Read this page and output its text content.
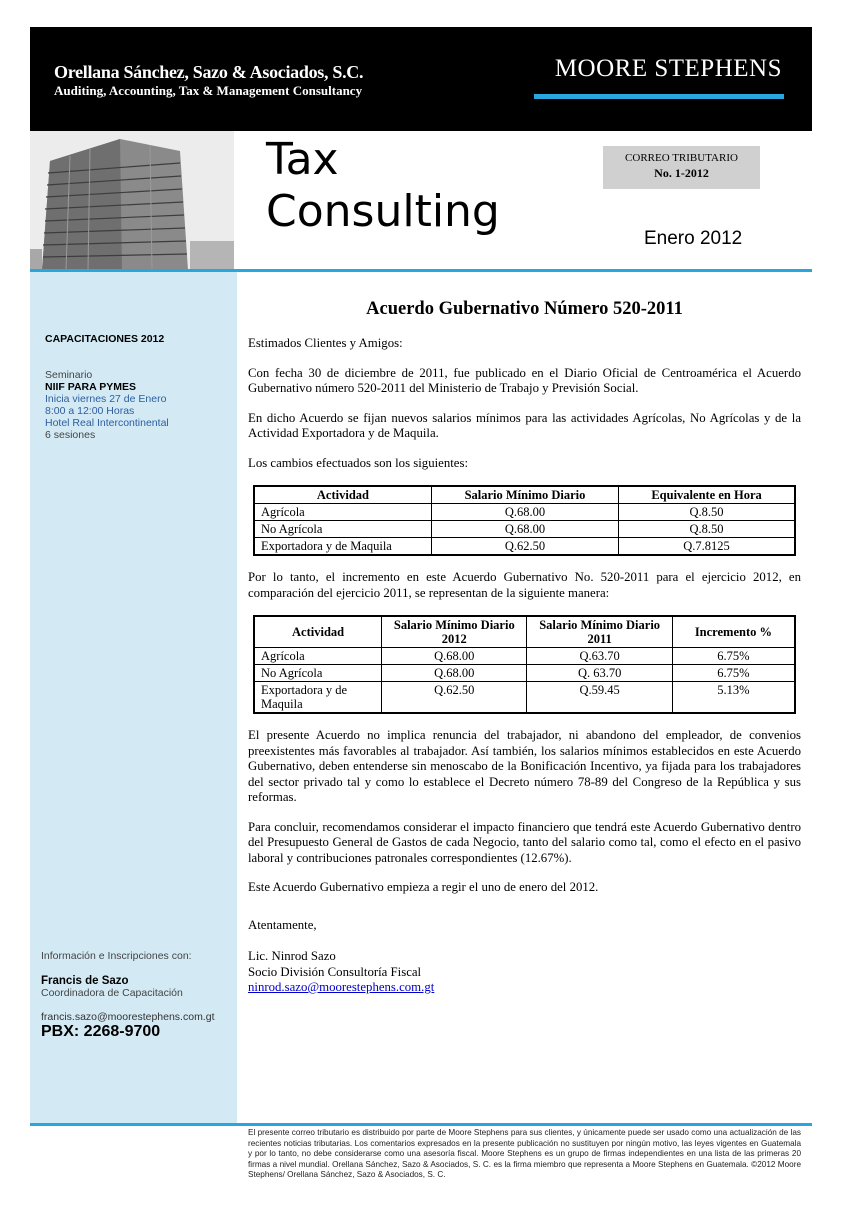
Orellana Sánchez, Sazo & Asociados, S.C.
Auditing, Accounting, Tax & Management Consultancy
MOORE STEPHENS
Tax
Consulting
CORREO TRIBUTARIO
No. 1-2012
Enero 2012
CAPACITACIONES 2012
Seminario
NIIF PARA PYMES
Inicia viernes 27 de Enero
8:00 a 12:00 Horas
Hotel Real Intercontinental
6 sesiones
Información e Inscripciones con:
Francis de Sazo
Coordinadora de Capacitación
francis.sazo@moorestephens.com.gt
PBX: 2268-9700
Acuerdo Gubernativo Número 520-2011

Estimados Clientes y Amigos:

Con fecha 30 de diciembre de 2011, fue publicado en el Diario Oficial de Centroamérica el Acuerdo Gubernativo número 520-2011 del Ministerio de Trabajo y Previsión Social.

En dicho Acuerdo se fijan nuevos salarios mínimos para las actividades Agrícolas, No Agrícolas y de la Actividad Exportadora y de Maquila.

Los cambios efectuados son los siguientes:

Actividad	Salario Mínimo Diario	Equivalente en Hora
Agrícola	Q.68.00	Q.8.50
No Agrícola	Q.68.00	Q.8.50
Exportadora y de Maquila	Q.62.50	Q.7.8125

Por lo tanto, el incremento en este Acuerdo Gubernativo No. 520-2011 para el ejercicio 2012, en comparación del ejercicio 2011, se representan de la siguiente manera:

Actividad	Salario Mínimo Diario 2012	Salario Mínimo Diario 2011	Incremento %
Agrícola	Q.68.00	Q.63.70	6.75%
No Agrícola	Q.68.00	Q. 63.70	6.75%
Exportadora y de Maquila	Q.62.50	Q.59.45	5.13%

El presente Acuerdo no implica renuncia del trabajador, ni abandono del empleador, de convenios preexistentes más favorables al trabajador. Así también, los salarios mínimos establecidos en este Acuerdo Gubernativo, deben entenderse sin menoscabo de la Bonificación Incentivo, ya fijada para los trabajadores del sector privado tal y como lo establece el Decreto número 78-89 del Congreso de la República y sus reformas.

Para concluir, recomendamos considerar el impacto financiero que tendrá este Acuerdo Gubernativo dentro del Presupuesto General de Gastos de cada Negocio, tanto del salario como tal, como el efecto en el pasivo laboral y contribuciones patronales correspondientes (12.67%).

Este Acuerdo Gubernativo empieza a regir el uno de enero del 2012.

Atentamente,

Lic. Ninrod Sazo
Socio División Consultoría Fiscal
ninrod.sazo@moorestephens.com.gt
El presente correo tributario es distribuido por parte de Moore Stephens para sus clientes, y únicamente puede ser usado como una actualización de las recientes noticias tributarias. Los comentarios expresados en la presente publicación no sustituyen por ningún motivo, las leyes vigentes en Guatemala y por lo tanto, no debe considerarse como una asesoría fiscal. Moore Stephens es un grupo de firmas independientes en una lista de las primeras 20 firmas a nivel mundial. Orellana Sánchez, Sazo & Asociados, S. C. es la firma miembro que representa a Moore Stephens en Guatemala. ©2012 Moore Stephens/ Orellana Sánchez, Sazo & Asociados, S. C.
